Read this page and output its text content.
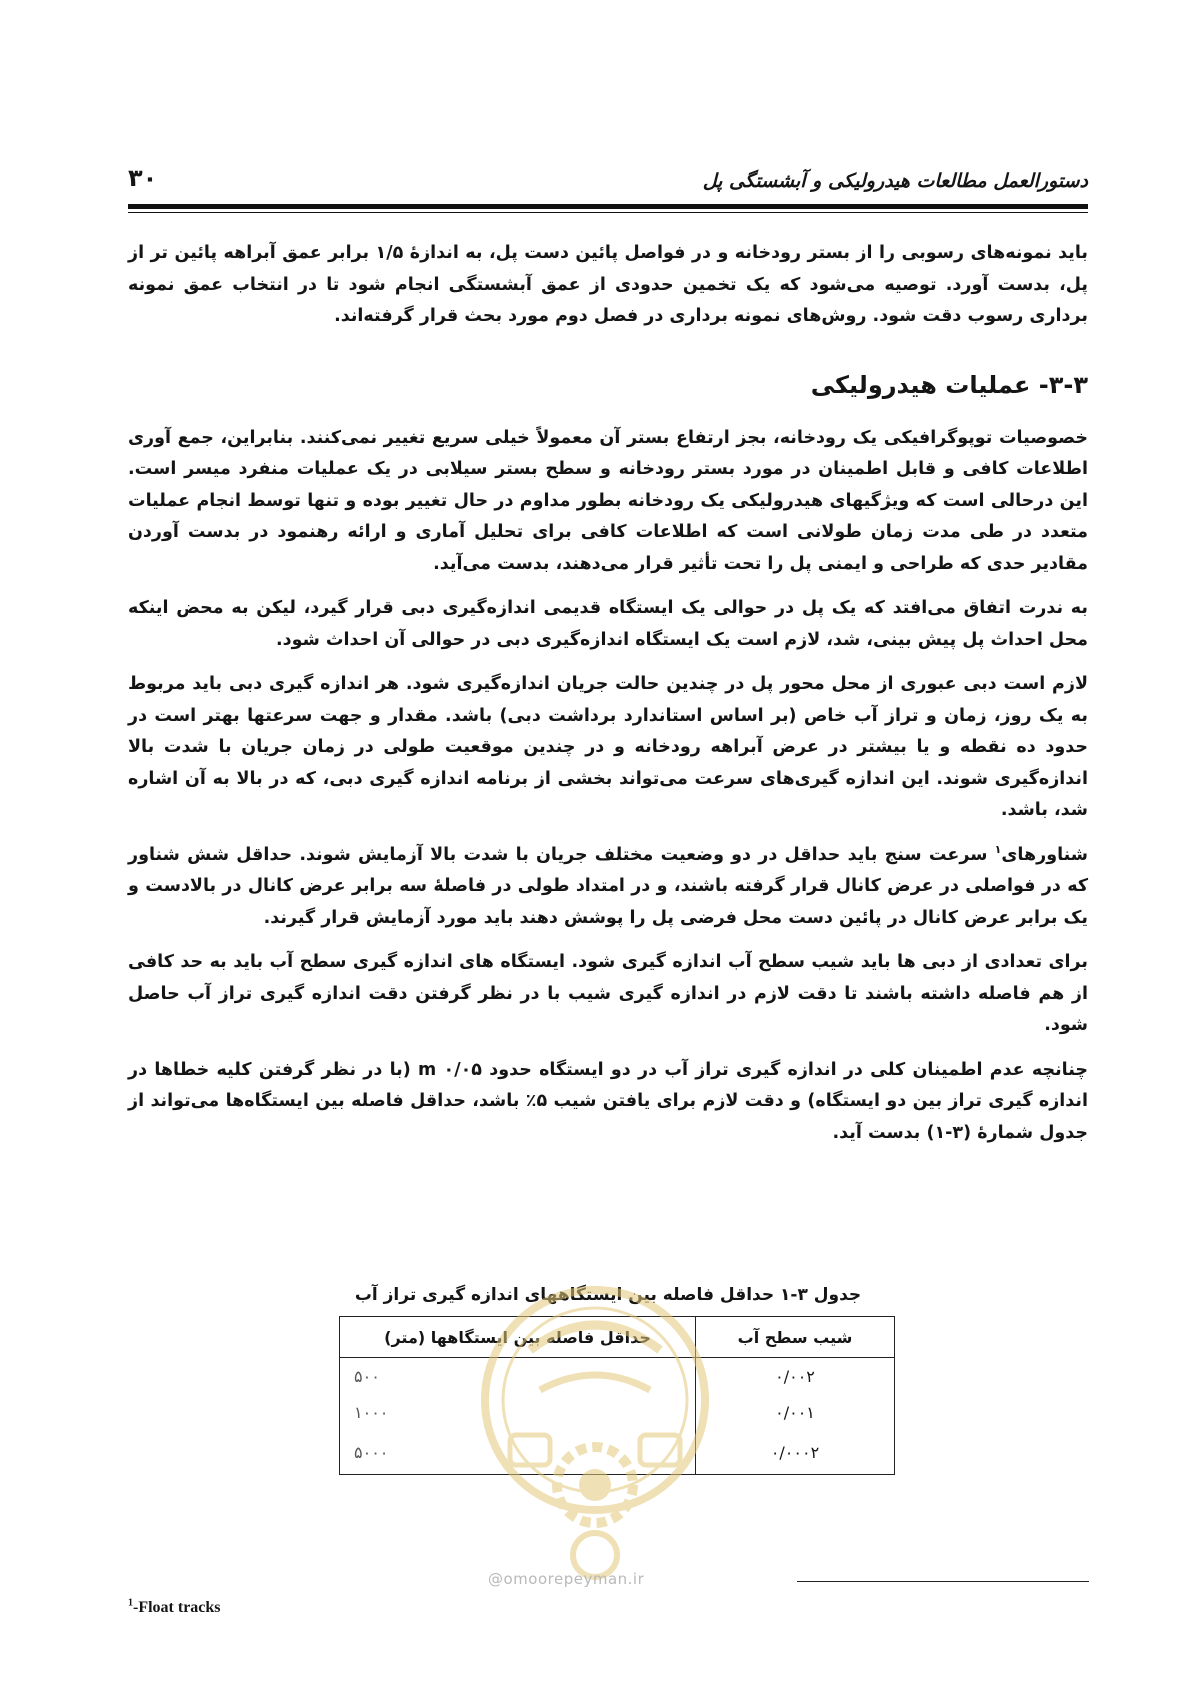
۳۰	دستورالعمل مطالعات هیدرولیکی و آبشستگی پل

باید نمونه‌های رسوبی را از بستر رودخانه و در فواصل پائین دست پل، به اندازهٔ ۱/۵ برابر عمق آبراهه پائین تر از پل، بدست آورد. توصیه می‌شود که یک تخمین حدودی از عمق آبشستگی انجام شود تا در انتخاب عمق نمونه برداری رسوب دقت شود. روش‌های نمونه برداری در فصل دوم مورد بحث قرار گرفته‌اند.

۳-۳- عملیات هیدرولیکی

خصوصیات توپوگرافیکی یک رودخانه، بجز ارتفاع بستر آن معمولاً خیلی سریع تغییر نمی‌کنند. بنابراین، جمع آوری اطلاعات کافی و قابل اطمینان در مورد بستر رودخانه و سطح بستر سیلابی در یک عملیات منفرد میسر است. این درحالی است که ویژگیهای هیدرولیکی یک رودخانه بطور مداوم در حال تغییر بوده و تنها توسط انجام عملیات متعدد در طی مدت زمان طولانی است که اطلاعات کافی برای تحلیل آماری و ارائه رهنمود در بدست آوردن مقادیر حدی که طراحی و ایمنی پل را تحت تأثیر قرار می‌دهند، بدست می‌آید.

به ندرت اتفاق می‌افتد که یک پل در حوالی یک ایستگاه قدیمی اندازه‌گیری دبی قرار گیرد، لیکن به محض اینکه محل احداث پل پیش بینی، شد، لازم است یک ایستگاه اندازه‌گیری دبی در حوالی آن احداث شود.

لازم است دبی عبوری از محل محور پل در چندین حالت جریان اندازه‌گیری شود. هر اندازه گیری دبی باید مربوط به یک روز، زمان و تراز آب خاص (بر اساس استاندارد برداشت دبی) باشد. مقدار و جهت سرعتها بهتر است در حدود ده نقطه و یا بیشتر در عرض آبراهه رودخانه و در چندین موقعیت طولی در زمان جریان با شدت بالا اندازه‌گیری شوند. این اندازه گیری‌های سرعت می‌تواند بخشی از برنامه اندازه گیری دبی، که در بالا به آن اشاره شد، باشد.

شناورهای$^۱$ سرعت سنج باید حداقل در دو وضعیت مختلف جریان با شدت بالا آزمایش شوند. حداقل شش شناور که در فواصلی در عرض کانال قرار گرفته باشند، و در امتداد طولی در فاصلهٔ سه برابر عرض کانال در بالادست و یک برابر عرض کانال در پائین دست محل فرضی پل را پوشش دهند باید مورد آزمایش قرار گیرند.

برای تعدادی از دبی ها باید شیب سطح آب اندازه گیری شود. ایستگاه های اندازه گیری سطح آب باید به حد کافی از هم فاصله داشته باشند تا دقت لازم در اندازه گیری شیب با در نظر گرفتن دقت اندازه گیری تراز آب حاصل شود.

چنانچه عدم اطمینان کلی در اندازه گیری تراز آب در دو ایستگاه حدود ۰/۰۵ m (با در نظر گرفتن کلیه خطاها در اندازه گیری تراز بین دو ایستگاه) و دقت لازم برای یافتن شیب ۵٪ باشد، حداقل فاصله بین ایستگاه‌ها می‌تواند از جدول شمارهٔ (۳-۱) بدست آید.

جدول ۳-۱ حداقل فاصله بین ایستگاههای اندازه گیری تراز آب
شیب سطح آب	حداقل فاصله بین ایستگاهها (متر)
۰/۰۰۲	۵۰۰
۰/۰۰۱	۱۰۰۰
۰/۰۰۰۲	۵۰۰۰
@omoorepeyman.ir
$^1$-Float tracks
